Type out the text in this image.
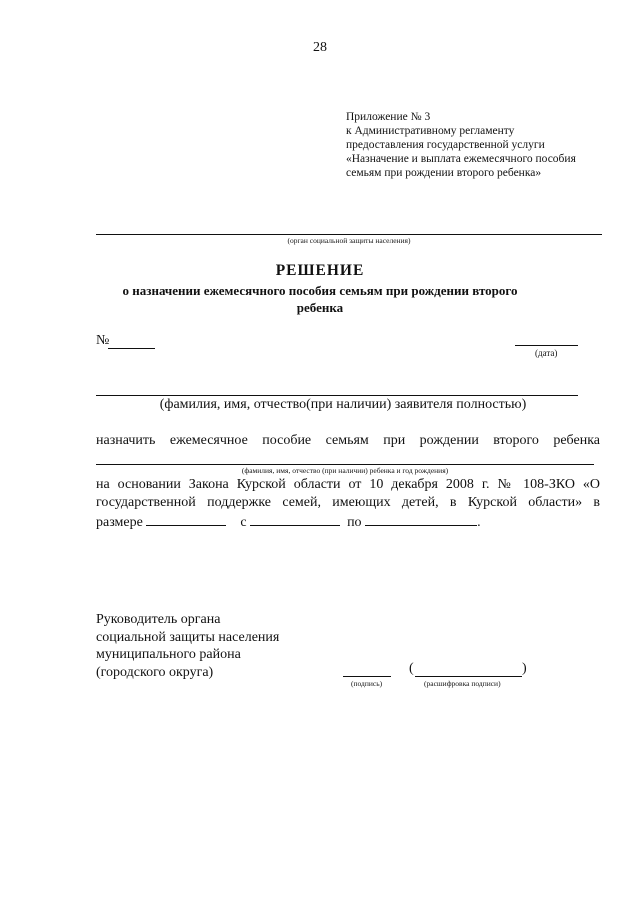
28
Приложение № 3
к Административному регламенту
предоставления государственной услуги
«Назначение и выплата ежемесячного пособия
семьям при рождении второго ребенка»
(орган социальной защиты населения)
РЕШЕНИЕ
о назначении ежемесячного пособия семьям при рождении второго ребенка
№
(дата)
(фамилия, имя, отчество(при наличии) заявителя полностью)
назначить ежемесячное пособие семьям при рождении второго ребенка
(фамилия, имя, отчество (при наличии) ребенка и год рождения)
на основании Закона Курской области от 10 декабря 2008 г. № 108-ЗКО «О
государственной поддержке семей, имеющих детей, в Курской области» в
размере	с	по	.
Руководитель органа
социальной защиты населения
муниципального района
(городского округа)
(подпись)
(	)
(расшифровка подписи)
